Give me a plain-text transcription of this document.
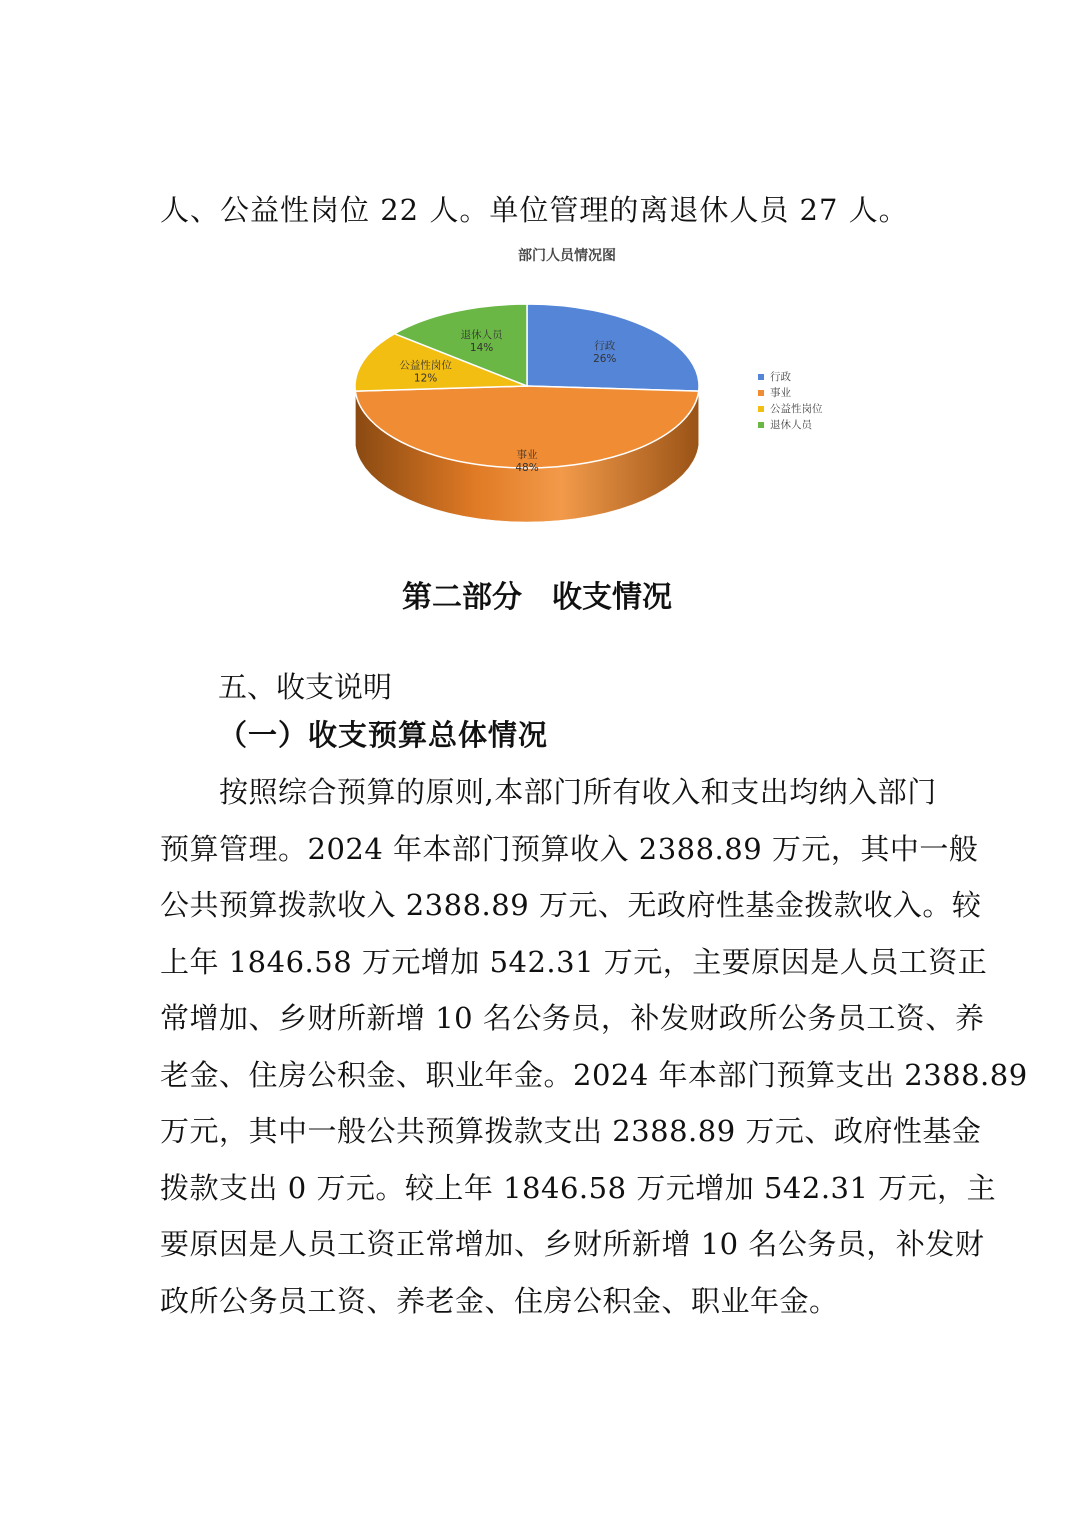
人、公益性岗位 22 人。单位管理的离退休人员 27 人。
部门人员情况图
行政
26%
事业
48%
公益性岗位
12%
退休人员
14%
行政
事业
公益性岗位
退休人员
第二部分 收支情况
五、收支说明
（一）收支预算总体情况
　　按照综合预算的原则,本部门所有收入和支出均纳入部门
预算管理。2024 年本部门预算收入 2388.89 万元，其中一般
公共预算拨款收入 2388.89 万元、无政府性基金拨款收入。较
上年 1846.58 万元增加 542.31 万元，主要原因是人员工资正
常增加、乡财所新增 10 名公务员，补发财政所公务员工资、养
老金、住房公积金、职业年金。2024 年本部门预算支出 2388.89
万元，其中一般公共预算拨款支出 2388.89 万元、政府性基金
拨款支出 0 万元。较上年 1846.58 万元增加 542.31 万元，主
要原因是人员工资正常增加、乡财所新增 10 名公务员，补发财
政所公务员工资、养老金、住房公积金、职业年金。
